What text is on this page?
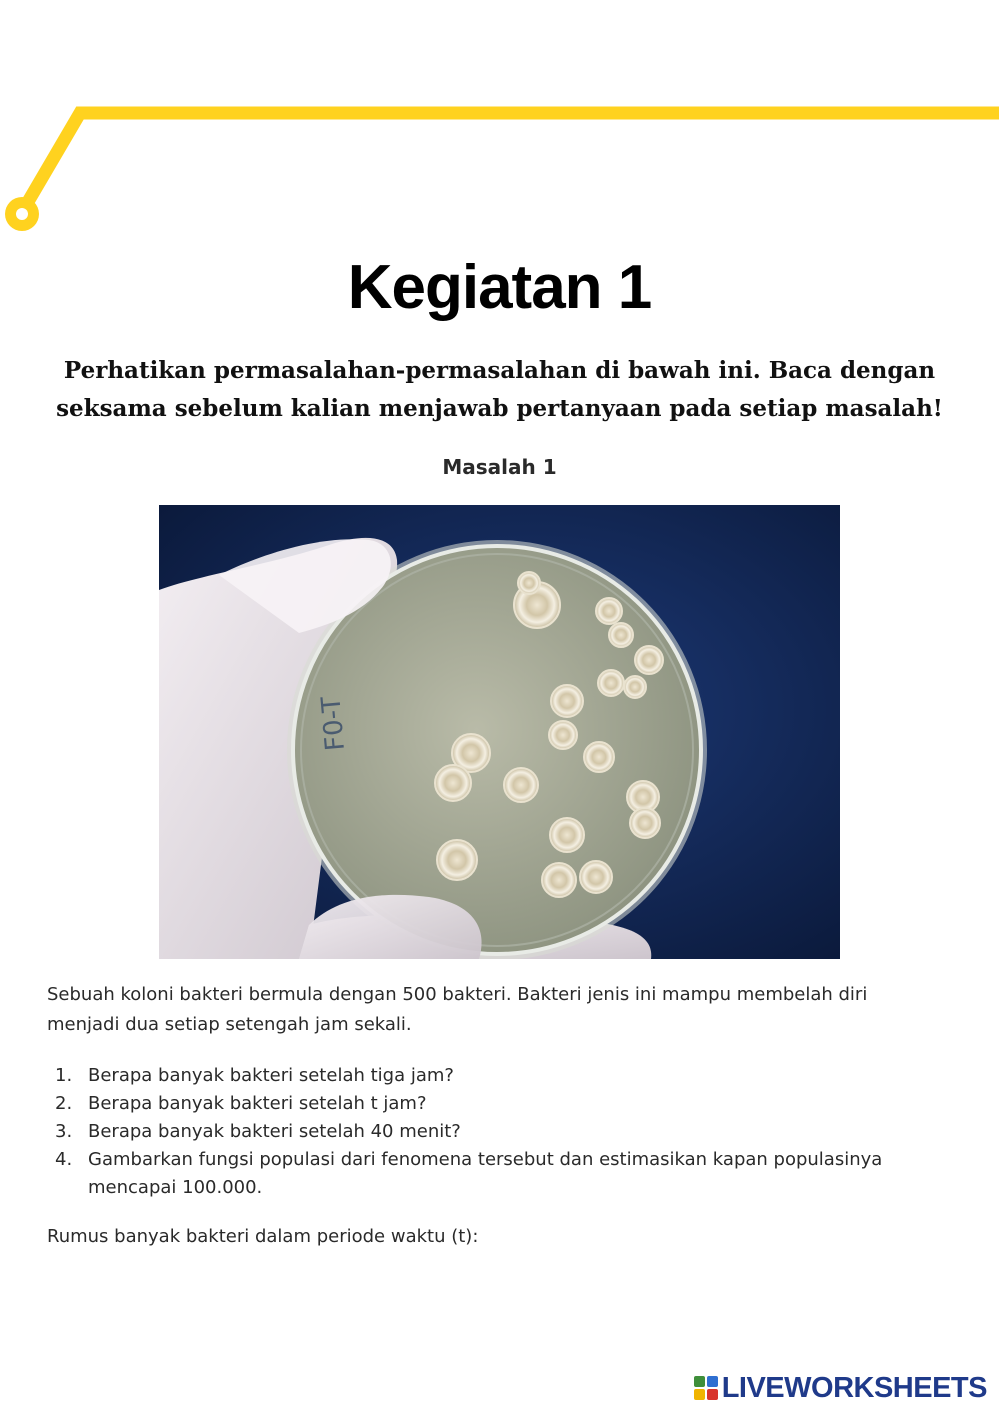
Kegiatan 1

Perhatikan permasalahan-permasalahan di bawah ini. Baca dengan
seksama sebelum kalian menjawab pertanyaan pada setiap masalah!

Masalah 1
F0-T

Sebuah koloni bakteri bermula dengan 500 bakteri. Bakteri jenis ini mampu membelah diri
menjadi dua setiap setengah jam sekali.

1. Berapa banyak bakteri setelah tiga jam?
2. Berapa banyak bakteri setelah t jam?
3. Berapa banyak bakteri setelah 40 menit?
4. Gambarkan fungsi populasi dari fenomena tersebut dan estimasikan kapan populasinya
mencapai 100.000.

Rumus banyak bakteri dalam periode waktu (t):

LIVEWORKSHEETS
